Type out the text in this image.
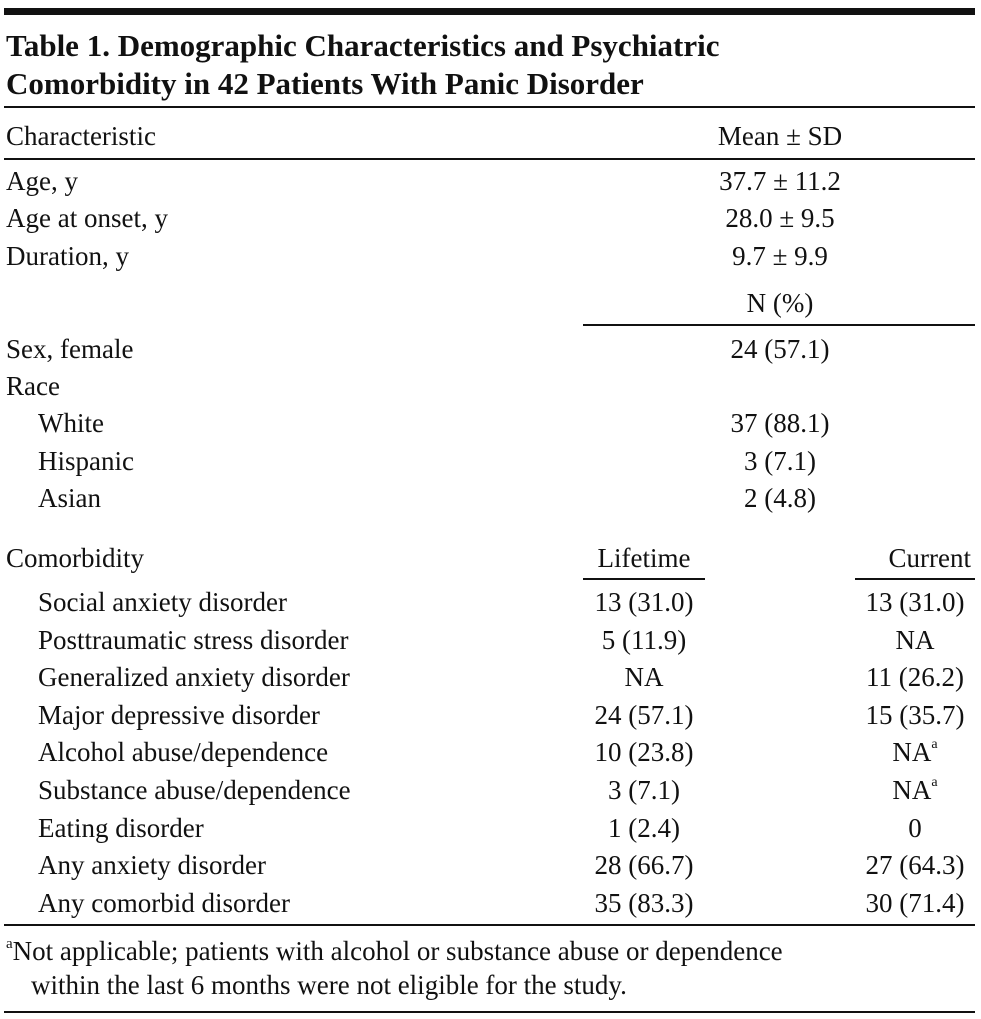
Table 1. Demographic Characteristics and Psychiatric
Comorbidity in 42 Patients With Panic Disorder
Characteristic	Mean ± SD
Age, y	37.7 ± 11.2
Age at onset, y	28.0 ± 9.5
Duration, y	9.7 ± 9.9
N (%)
Sex, female	24 (57.1)
Race
White	37 (88.1)
Hispanic	3 (7.1)
Asian	2 (4.8)
Comorbidity	Lifetime	Current
Social anxiety disorder	13 (31.0)	13 (31.0)
Posttraumatic stress disorder	5 (11.9)	NA
Generalized anxiety disorder	NA	11 (26.2)
Major depressive disorder	24 (57.1)	15 (35.7)
Alcohol abuse/dependence	10 (23.8)	$NA^a$
Substance abuse/dependence	3 (7.1)	$NA^a$
Eating disorder	1 (2.4)	0
Any anxiety disorder	28 (66.7)	27 (64.3)
Any comorbid disorder	35 (83.3)	30 (71.4)
$^a$Not applicable; patients with alcohol or substance abuse or dependence
within the last 6 months were not eligible for the study.
